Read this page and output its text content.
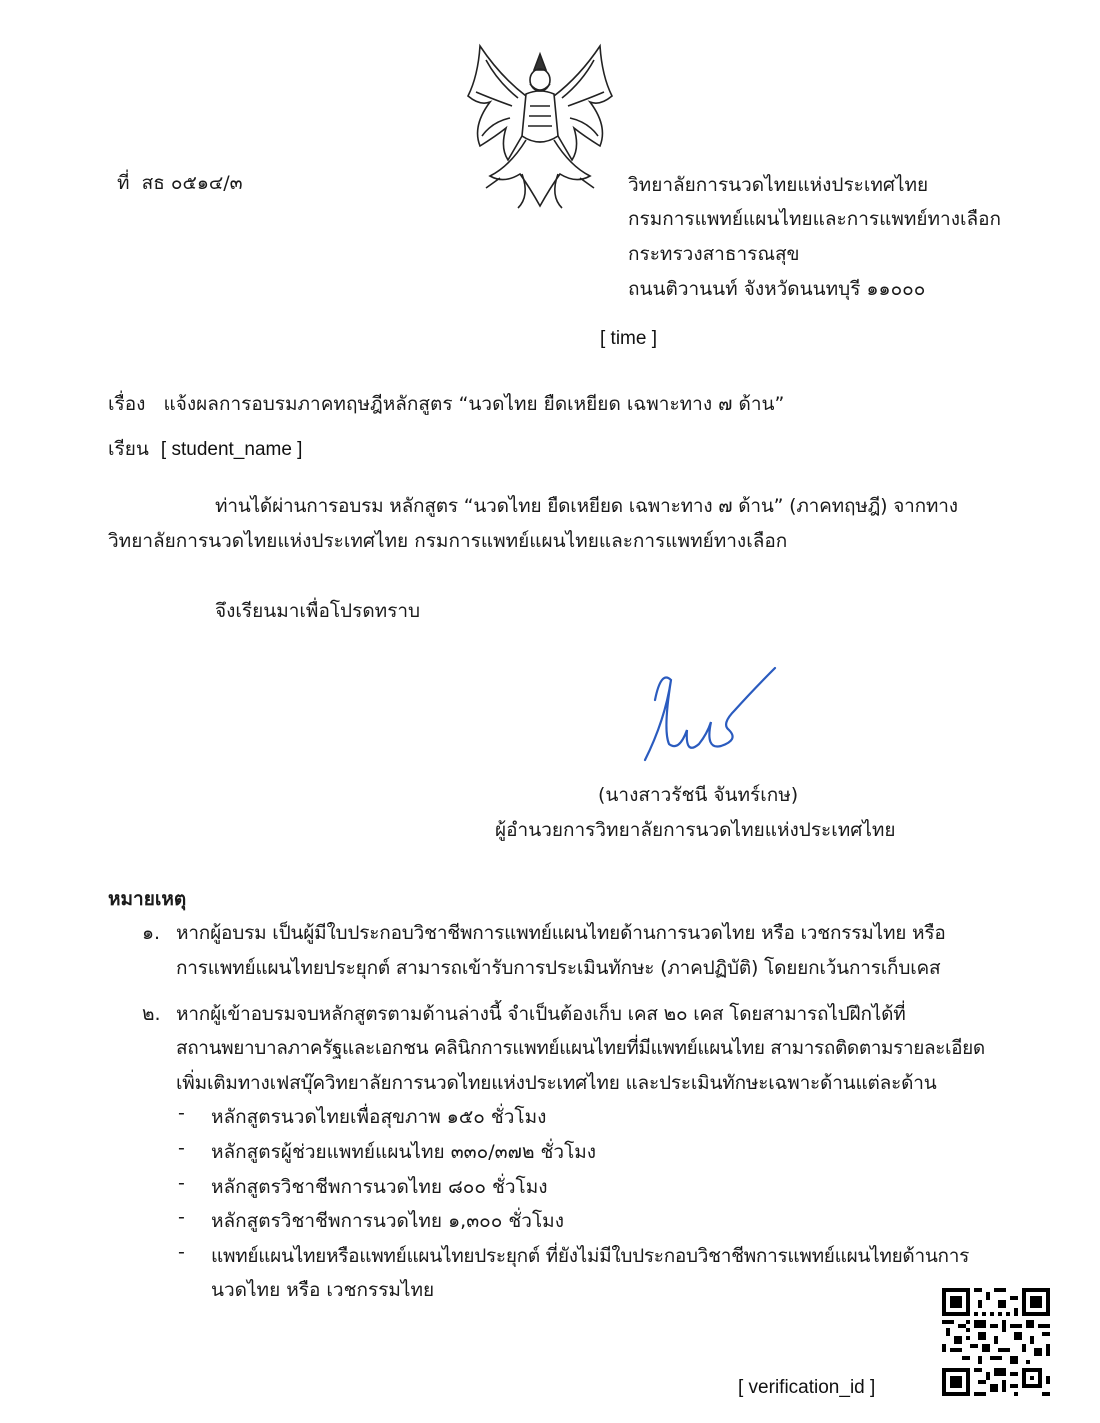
ที่ สธ ๐๕๑๔/๓	วิทยาลัยการนวดไทยแห่งประเทศไทย
กรมการแพทย์แผนไทยและการแพทย์ทางเลือก
กระทรวงสาธารณสุข
ถนนติวานนท์ จังหวัดนนทบุรี ๑๑๐๐๐
[ time ]
เรื่อง แจ้งผลการอบรมภาคทฤษฎีหลักสูตร “นวดไทย ยืดเหยียด เฉพาะทาง ๗ ด้าน”
เรียน [ student_name ]
ท่านได้ผ่านการอบรม หลักสูตร “นวดไทย ยืดเหยียด เฉพาะทาง ๗ ด้าน” (ภาคทฤษฎี) จากทาง
วิทยาลัยการนวดไทยแห่งประเทศไทย กรมการแพทย์แผนไทยและการแพทย์ทางเลือก
จึงเรียนมาเพื่อโปรดทราบ
(นางสาวรัชนี จันทร์เกษ)
ผู้อำนวยการวิทยาลัยการนวดไทยแห่งประเทศไทย
หมายเหตุ
๑. หากผู้อบรม เป็นผู้มีใบประกอบวิชาชีพการแพทย์แผนไทยด้านการนวดไทย หรือ เวชกรรมไทย หรือ
การแพทย์แผนไทยประยุกต์ สามารถเข้ารับการประเมินทักษะ (ภาคปฏิบัติ) โดยยกเว้นการเก็บเคส
๒. หากผู้เข้าอบรมจบหลักสูตรตามด้านล่างนี้ จำเป็นต้องเก็บ เคส ๒๐ เคส โดยสามารถไปฝึกได้ที่
สถานพยาบาลภาครัฐและเอกชน คลินิกการแพทย์แผนไทยที่มีแพทย์แผนไทย สามารถติดตามรายละเอียด
เพิ่มเติมทางเฟสบุ๊ควิทยาลัยการนวดไทยแห่งประเทศไทย และประเมินทักษะเฉพาะด้านแต่ละด้าน
- หลักสูตรนวดไทยเพื่อสุขภาพ ๑๕๐ ชั่วโมง
- หลักสูตรผู้ช่วยแพทย์แผนไทย ๓๓๐/๓๗๒ ชั่วโมง
- หลักสูตรวิชาชีพการนวดไทย ๘๐๐ ชั่วโมง
- หลักสูตรวิชาชีพการนวดไทย ๑,๓๐๐ ชั่วโมง
- แพทย์แผนไทยหรือแพทย์แผนไทยประยุกต์ ที่ยังไม่มีใบประกอบวิชาชีพการแพทย์แผนไทยด้านการ
นวดไทย หรือ เวชกรรมไทย
[ verification_id ]
